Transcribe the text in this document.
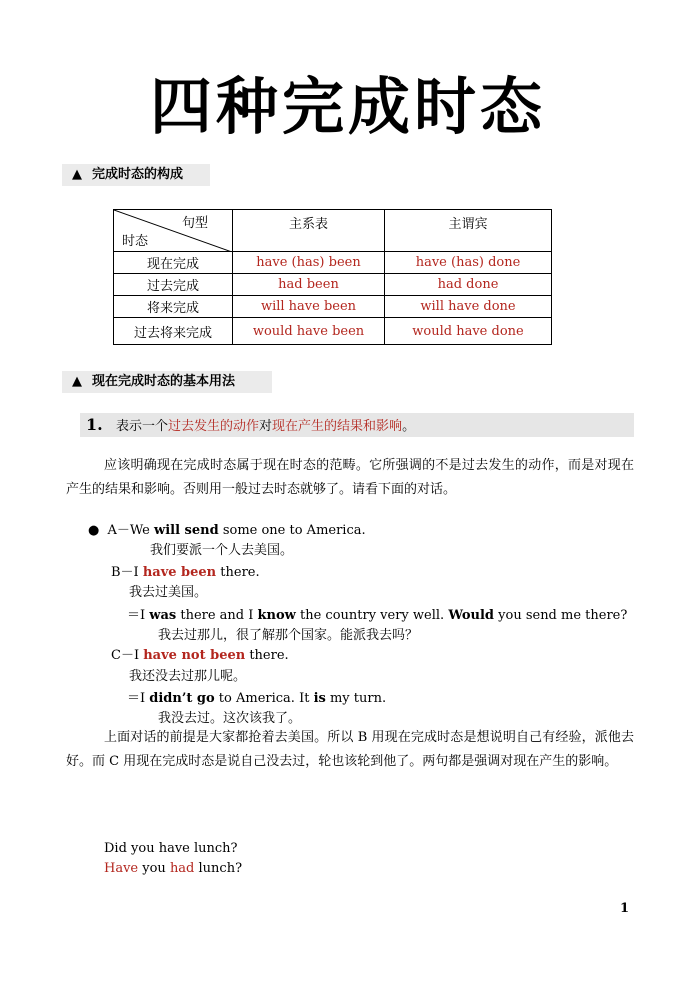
四种完成时态
▲ 完成时态的构成
句型
时态	主系表	主谓宾
现在完成	have (has) been	have (has) done
过去完成	had been	had done
将来完成	will have been	will have done
过去将来完成	would have been	would have done
▲ 现在完成时态的基本用法
1. 表示一个过去发生的动作对现在产生的结果和影响。
应该明确现在完成时态属于现在时态的范畴。它所强调的不是过去发生的动作，而是对现在产生的结果和影响。否则用一般过去时态就够了。请看下面的对话。
● A－We will send some one to America.
我们要派一个人去美国。
B－I have been there.
我去过美国。
＝I was there and I know the country very well. Would you send me there?
我去过那儿，很了解那个国家。能派我去吗？
C－I have not been there.
我还没去过那儿呢。
＝I didn’t go to America. It is my turn.
我没去过。这次该我了。
上面对话的前提是大家都抢着去美国。所以 B 用现在完成时态是想说明自己有经验，派他去好。而 C 用现在完成时态是说自己没去过，轮也该轮到他了。两句都是强调对现在产生的影响。
Did you have lunch?
Have you had lunch?
1
